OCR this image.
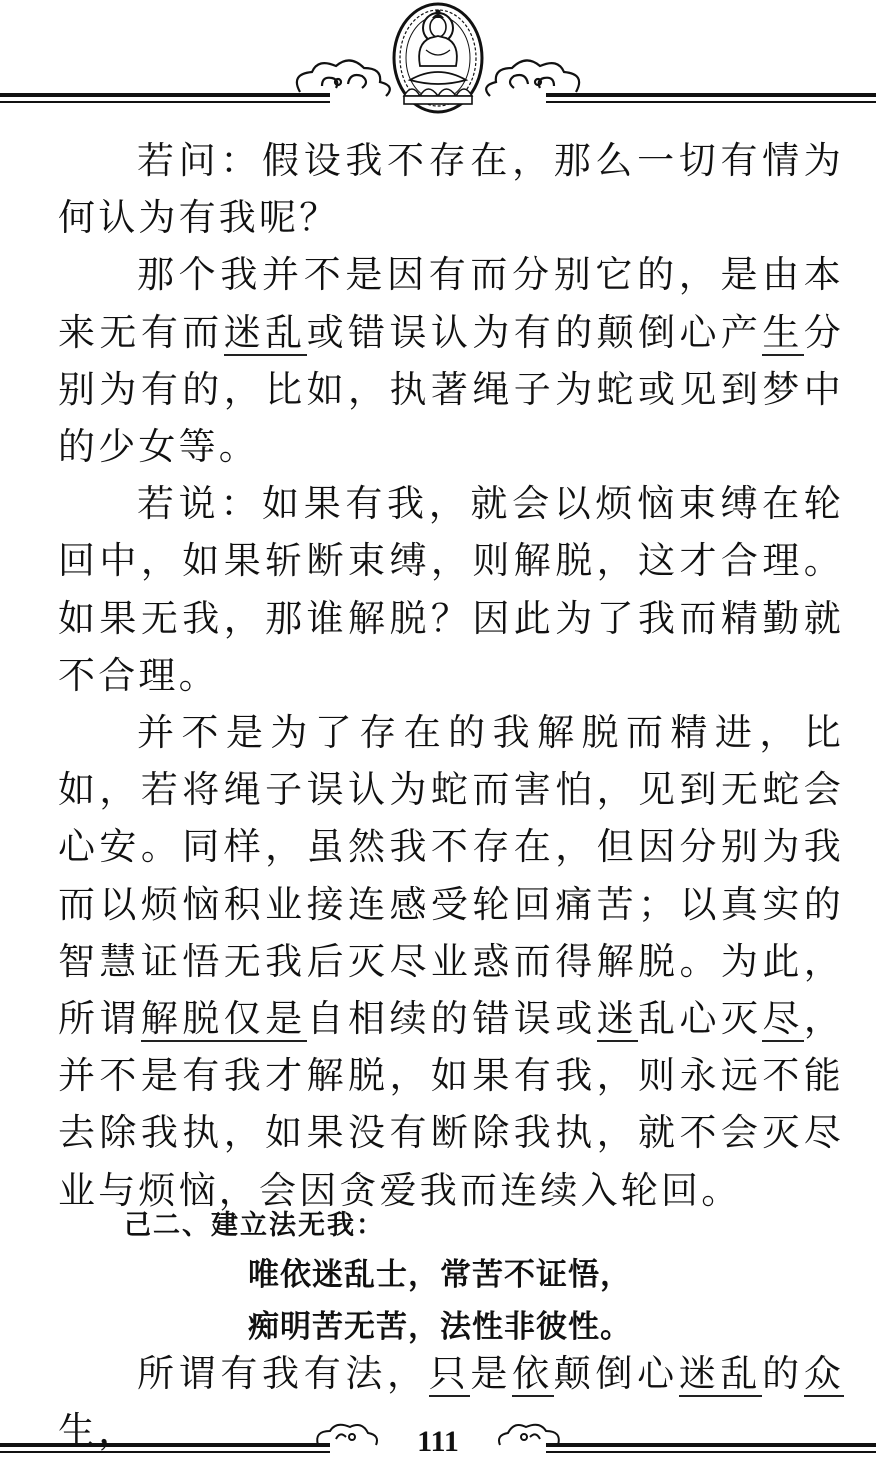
若问：假设我不存在，那么一切有情为何认为有我呢？

那个我并不是因有而分别它的，是由本来无有而迷乱或错误认为有的颠倒心产生分别为有的，比如，执著绳子为蛇或见到梦中的少女等。

若说：如果有我，就会以烦恼束缚在轮回中，如果斩断束缚，则解脱，这才合理。如果无我，那谁解脱？因此为了我而精勤就不合理。

并不是为了存在的我解脱而精进，比如，若将绳子误认为蛇而害怕，见到无蛇会心安。同样，虽然我不存在，但因分别为我而以烦恼积业接连感受轮回痛苦；以真实的智慧证悟无我后灭尽业惑而得解脱。为此，所谓解脱仅是自相续的错误或迷乱心灭尽，并不是有我才解脱，如果有我，则永远不能去除我执，如果没有断除我执，就不会灭尽业与烦恼，会因贪爱我而连续入轮回。

己二、建立法无我：
唯依迷乱士，常苦不证悟，
痴明苦无苦，法性非彼性。

所谓有我有法，只是依颠倒心迷乱的众生，	111
